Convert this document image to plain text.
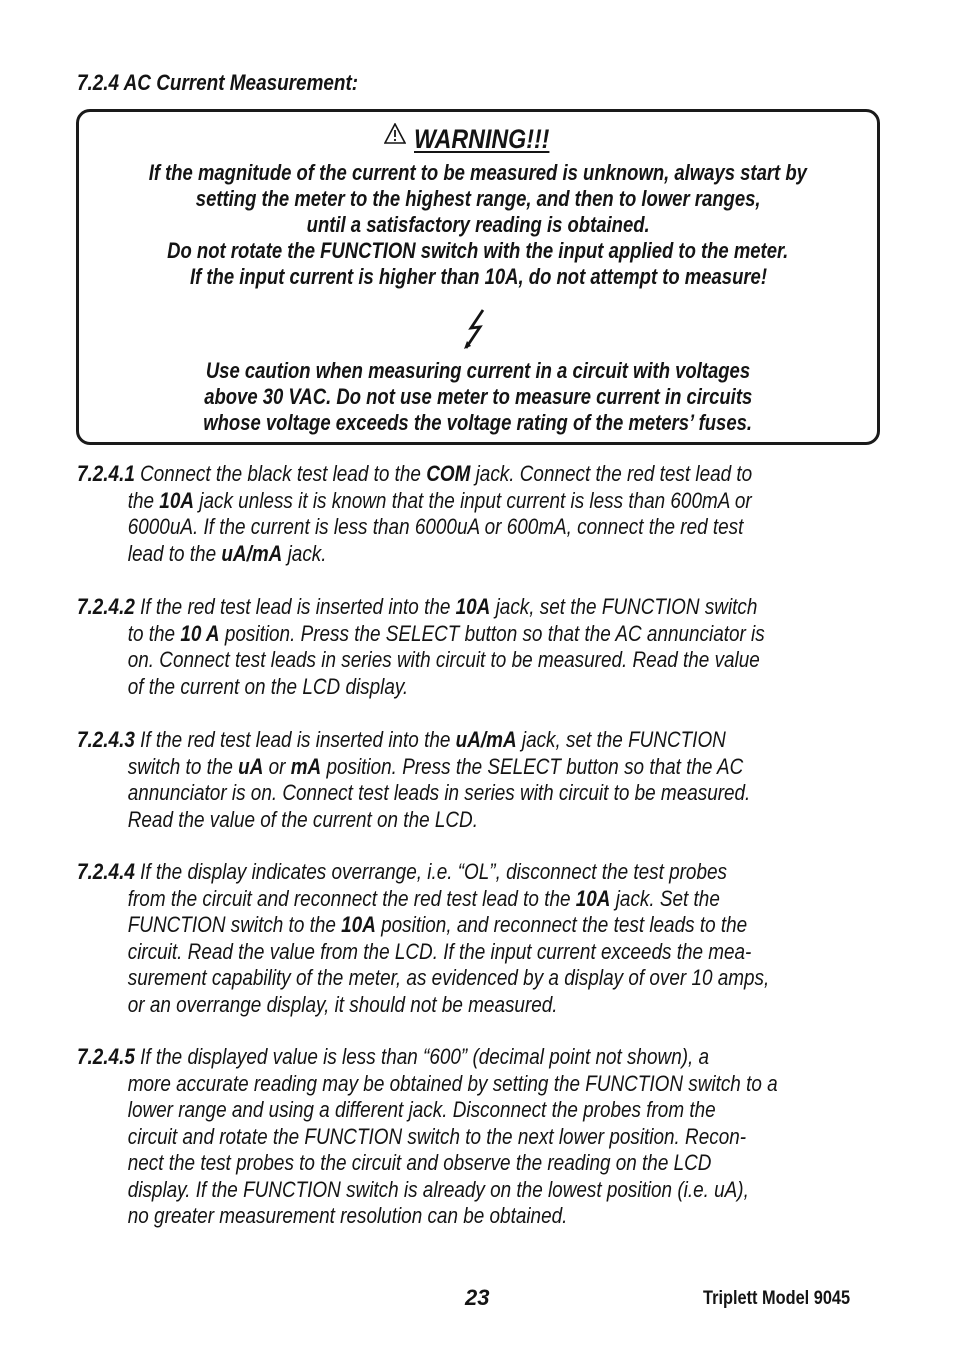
7.2.4 AC Current Measurement:
WARNING!!!
If the magnitude of the current to be measured is unknown, always start by
setting the meter to the highest range, and then to lower ranges,
until a satisfactory reading is obtained.
Do not rotate the FUNCTION switch with the input applied to the meter.
If the input current is higher than 10A, do not attempt to measure!
Use caution when measuring current in a circuit with voltages
above 30 VAC. Do not use meter to measure current in circuits
whose voltage exceeds the voltage rating of the meters’ fuses.
7.2.4.1 Connect the black test lead to the COM jack. Connect the red test lead to
the 10A jack unless it is known that the input current is less than 600mA or
6000uA. If the current is less than 6000uA or 600mA, connect the red test
lead to the uA/mA jack.
7.2.4.2 If the red test lead is inserted into the 10A jack, set the FUNCTION switch
to the 10 A position. Press the SELECT button so that the AC annunciator is
on. Connect test leads in series with circuit to be measured. Read the value
of the current on the LCD display.
7.2.4.3 If the red test lead is inserted into the uA/mA jack, set the FUNCTION
switch to the uA or mA position. Press the SELECT button so that the AC
annunciator is on. Connect test leads in series with circuit to be measured.
Read the value of the current on the LCD.
7.2.4.4 If the display indicates overrange, i.e. “OL”, disconnect the test probes
from the circuit and reconnect the red test lead to the 10A jack. Set the
FUNCTION switch to the 10A position, and reconnect the test leads to the
circuit. Read the value from the LCD. If the input current exceeds the mea-
surement capability of the meter, as evidenced by a display of over 10 amps,
or an overrange display, it should not be measured.
7.2.4.5 If the displayed value is less than “600” (decimal point not shown), a
more accurate reading may be obtained by setting the FUNCTION switch to a
lower range and using a different jack. Disconnect the probes from the
circuit and rotate the FUNCTION switch to the next lower position. Recon-
nect the test probes to the circuit and observe the reading on the LCD
display. If the FUNCTION switch is already on the lowest position (i.e. uA),
no greater measurement resolution can be obtained.
23	Triplett Model 9045
